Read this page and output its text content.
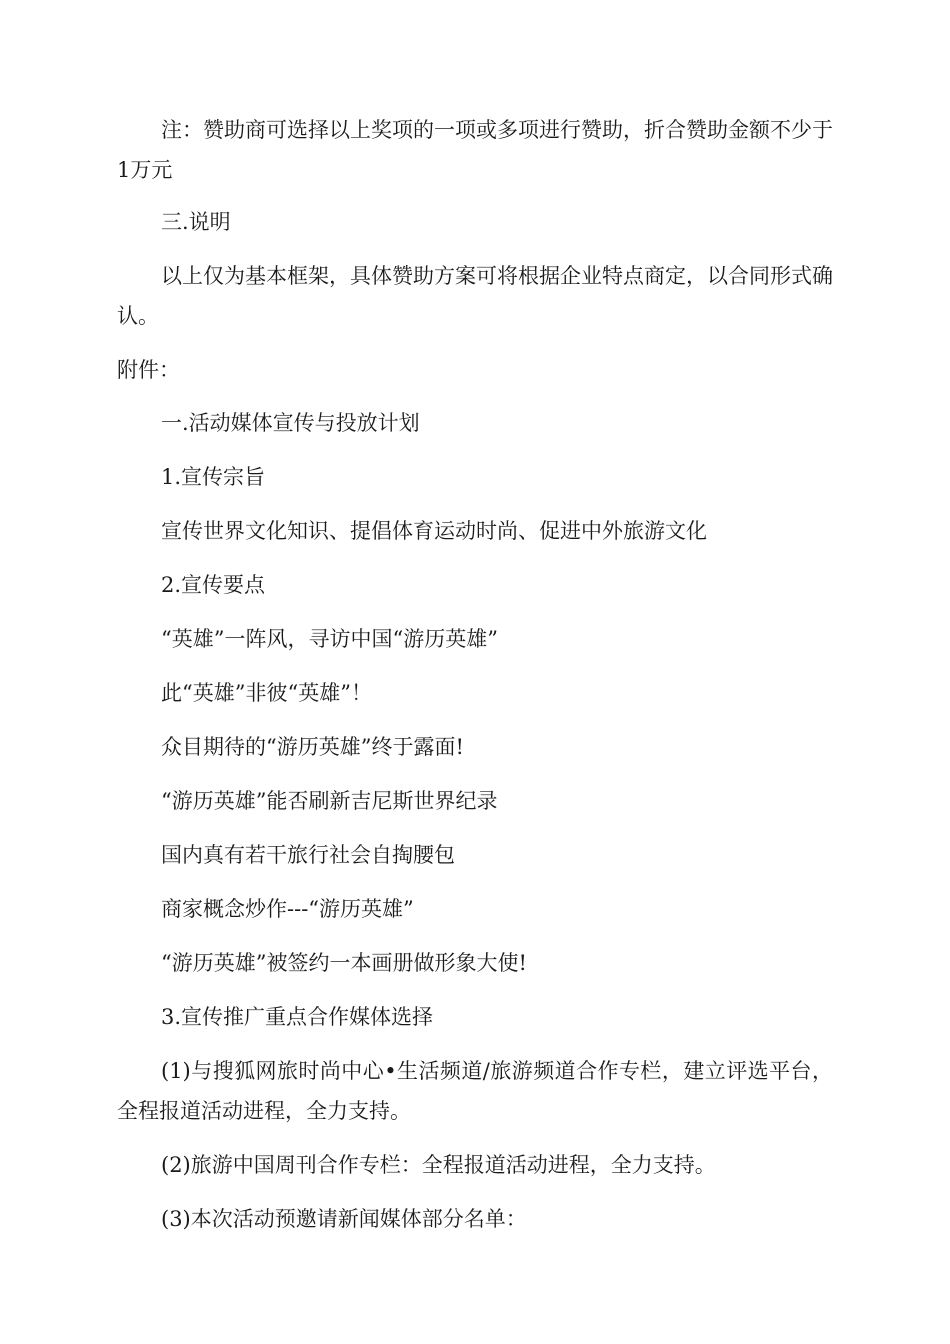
注：赞助商可选择以上奖项的一项或多项进行赞助，折合赞助金额不少于1万元

三.说明

以上仅为基本框架，具体赞助方案可将根据企业特点商定，以合同形式确认。

附件：

一.活动媒体宣传与投放计划

1.宣传宗旨

宣传世界文化知识、提倡体育运动时尚、促进中外旅游文化

2.宣传要点

“英雄”一阵风，寻访中国“游历英雄”

此“英雄”非彼“英雄”！

众目期待的“游历英雄”终于露面!

“游历英雄”能否刷新吉尼斯世界纪录

国内真有若干旅行社会自掏腰包

商家概念炒作---“游历英雄”

“游历英雄”被签约一本画册做形象大使!

3.宣传推广重点合作媒体选择

(1)与搜狐网旅时尚中心•生活频道/旅游频道合作专栏，建立评选平台，全程报道活动进程，全力支持。

(2)旅游中国周刊合作专栏：全程报道活动进程，全力支持。

(3)本次活动预邀请新闻媒体部分名单：
